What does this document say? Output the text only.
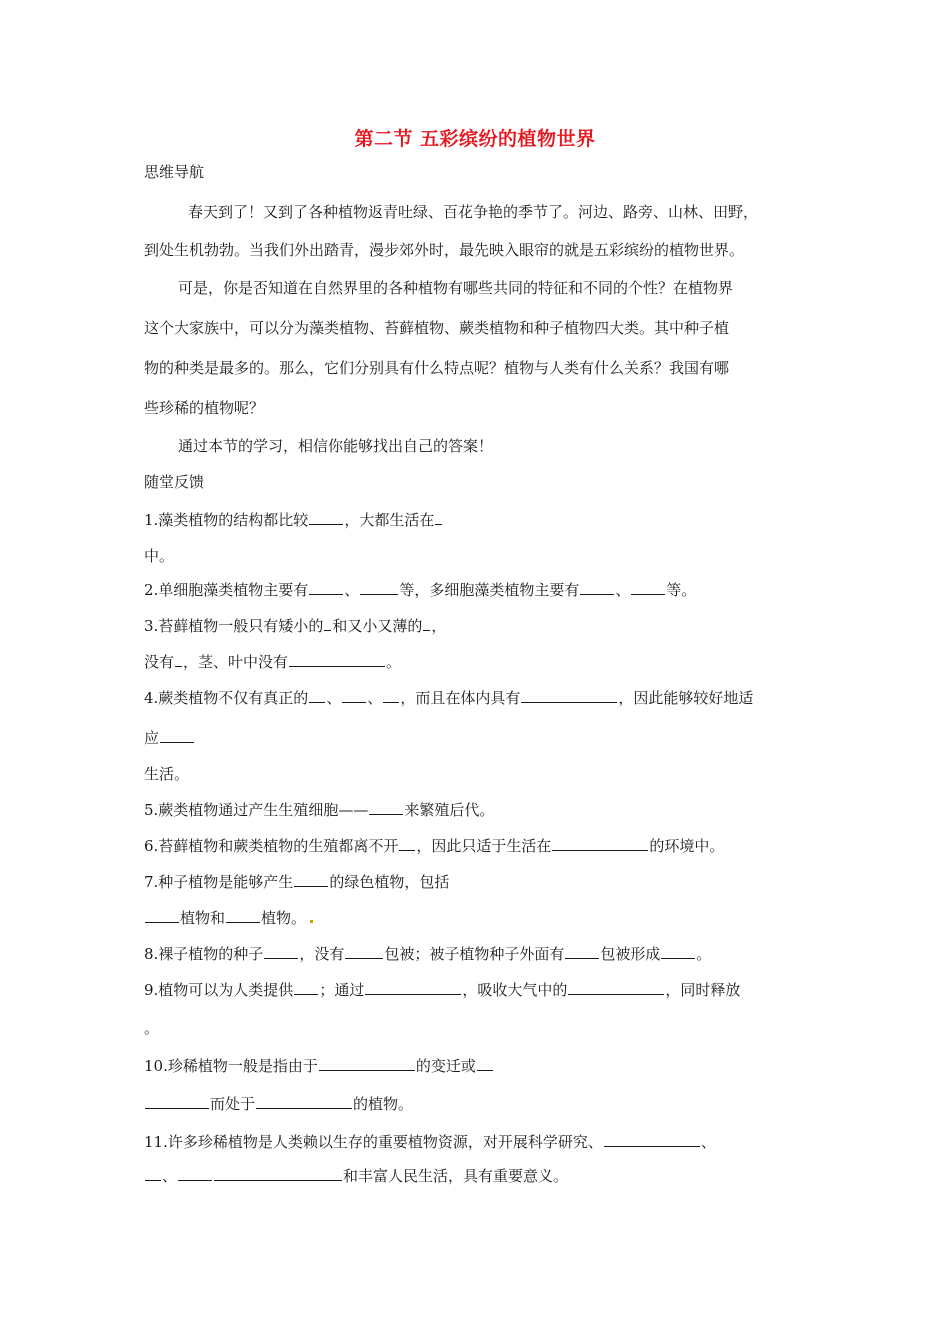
第二节 五彩缤纷的植物世界
思维导航
春天到了！又到了各种植物返青吐绿、百花争艳的季节了。河边、路旁、山林、田野，
到处生机勃勃。当我们外出踏青，漫步郊外时，最先映入眼帘的就是五彩缤纷的植物世界。
可是，你是否知道在自然界里的各种植物有哪些共同的特征和不同的个性？在植物界
这个大家族中，可以分为藻类植物、苔藓植物、蕨类植物和种子植物四大类。其中种子植
物的种类是最多的。那么，它们分别具有什么特点呢？植物与人类有什么关系？我国有哪
些珍稀的植物呢？
通过本节的学习，相信你能够找出自己的答案！
随堂反馈
1.藻类植物的结构都比较 ，大都生活在
中。
2.单细胞藻类植物主要有 、	等，多细胞藻类植物主要有 、 等。
3.苔藓植物一般只有矮小的 和又小又薄的 ，
没有 ，茎、叶中没有	。
4.蕨类植物不仅有真正的 、 、 ，而且在体内具有	，因此能够较好地适
应
生活。
5.蕨类植物通过产生生殖细胞—— 来繁殖后代。
6.苔藓植物和蕨类植物的生殖都离不开 ，因此只适于生活在	的环境中。
7.种子植物是能够产生 的绿色植物，包括
植物和 植物。
8.裸子植物的种子 ，没有	包被；被子植物种子外面有 包被形成 。
9.植物可以为人类提供 ；通过	，吸收大气中的	，同时释放
。
10.珍稀植物一般是指由于	的变迁或
而处于	的植物。
11.许多珍稀植物是人类赖以生存的重要植物资源，对开展科学研究、	、
、	和丰富人民生活，具有重要意义。
